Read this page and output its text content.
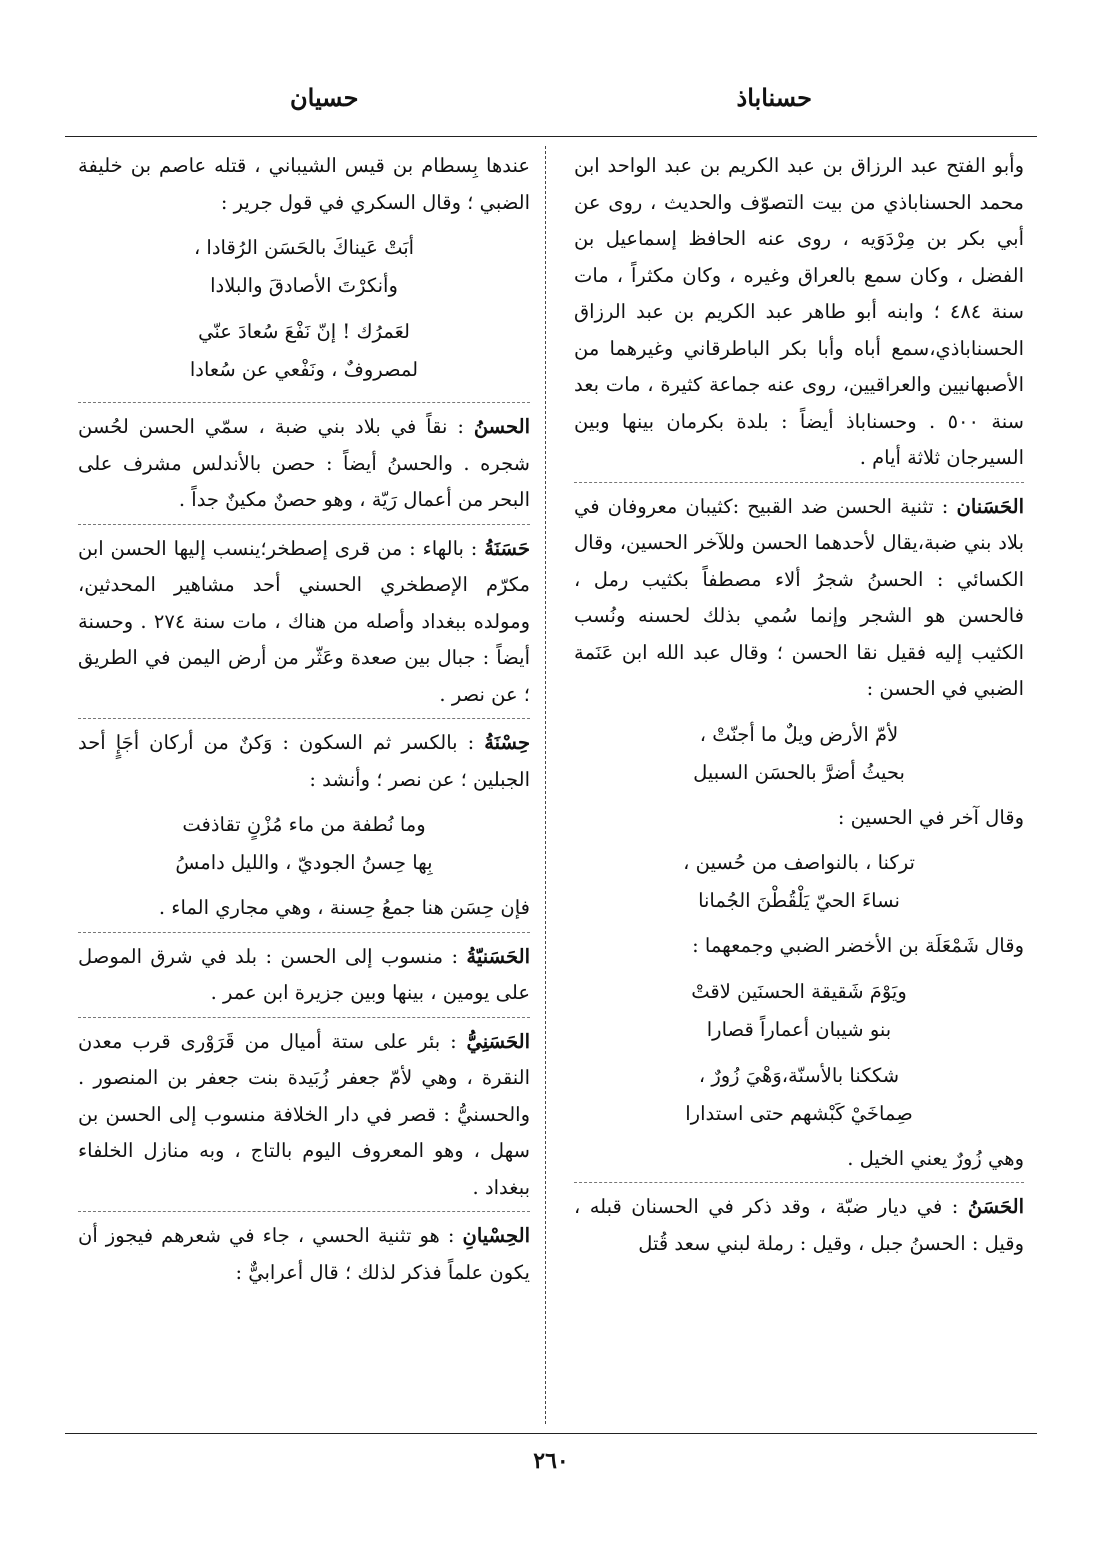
حسناباذ
حسيان

وأبو الفتح عبد الرزاق بن عبد الكريم بن عبد الواحد ابن محمد الحسناباذي من بيت التصوّف والحديث ، روى عن أبي بكر بن مِرْدَوَيه ، روى عنه الحافظ إسماعيل بن الفضل ، وكان سمع بالعراق وغيره ، وكان مكثراً ، مات سنة ٤٨٤ ؛ وابنه أبو طاهر عبد الكريم بن عبد الرزاق الحسناباذي،سمع أباه وأبا بكر الباطرقاني وغيرهما من الأصبهانيين والعراقيين، روى عنه جماعة كثيرة ، مات بعد سنة ٥٠٠ . وحسناباذ أيضاً : بلدة بكرمان بينها وبين السيرجان ثلاثة أيام .

الحَسَنان : تثنية الحسن ضد القبيح :كثيبان معروفان في بلاد بني ضبة،يقال لأحدهما الحسن وللآخر الحسين، وقال الكسائي : الحسنُ شجرُ ألاء مصطفاً بكثيب رمل ، فالحسن هو الشجر وإنما سُمي بذلك لحسنه ونُسب الكثيب إليه فقيل نقا الحسن ؛ وقال عبد الله ابن عَنَمة الضبي في الحسن :

لأمّ الأرض ويلٌ ما أجنّتْ ،
بحيثُ أضرَّ بالحسَن السبيل

وقال آخر في الحسين :

تركنا ، بالنواصف من حُسين ،
نساءَ الحيّ يَلْقُطْنَ الجُمانا

وقال شَمْعَلَة بن الأخضر الضبي وجمعهما :

ويَوْمَ شَقيقة الحسنَين لاقتْ
بنو شيبان أعماراً قصارا
شككنا بالأسنّة،وَهْيَ زُورٌ ،
صِماخَيْ كَبْشهم حتى استدارا

وهي زُورٌ يعني الخيل .

الحَسَنُ : في ديار ضبّة ، وقد ذكر في الحسنان قبله ، وقيل : الحسنُ جبل ، وقيل : رملة لبني سعد قُتل

عندها بِسطام بن قيس الشيباني ، قتله عاصم بن خليفة الضبي ؛ وقال السكري في قول جرير :

أبَتْ عَيناكَ بالحَسَن الرُقادا ،
وأنكرْتَ الأصادقَ والبلادا
لعَمرُك ! إنّ نَفْعَ سُعادَ عنّي
لمصروفٌ ، ونَفْعي عن سُعادا

الحسنُ : نقاً في بلاد بني ضبة ، سمّي الحسن لحُسن شجره . والحسنُ أيضاً : حصن بالأندلس مشرف على البحر من أعمال رَيّة ، وهو حصنٌ مكينٌ جداً .

حَسَنَةُ : بالهاء : من قرى إصطخر؛ينسب إليها الحسن ابن مكرّم الإصطخري الحسني أحد مشاهير المحدثين، ومولده ببغداد وأصله من هناك ، مات سنة ٢٧٤ . وحسنة أيضاً : جبال بين صعدة وعَثّر من أرض اليمن في الطريق ؛ عن نصر .

حِسْنَةُ : بالكسر ثم السكون : وَكنٌ من أركان أجَإٍ أحد الجبلين ؛ عن نصر ؛ وأنشد :

وما نُطفة من ماء مُزْنٍ تقاذفت
بِها حِسنُ الجوديّ ، والليل دامسُ

فإن حِسَن هنا جمعُ حِسنة ، وهي مجاري الماء .

الحَسَنيّةُ : منسوب إلى الحسن : بلد في شرق الموصل على يومين ، بينها وبين جزيرة ابن عمر .

الحَسَنِيُّ : بئر على ستة أميال من قَرَوْرى قرب معدن النقرة ، وهي لأمّ جعفر زُبَيدة بنت جعفر بن المنصور . والحسنيُّ : قصر في دار الخلافة منسوب إلى الحسن بن سهل ، وهو المعروف اليوم بالتاج ، وبه منازل الخلفاء ببغداد .

الحِسْيانِ : هو تثنية الحسي ، جاء في شعرهم فيجوز أن يكون علماً فذكر لذلك ؛ قال أعرابيٌّ :

٢٦٠
